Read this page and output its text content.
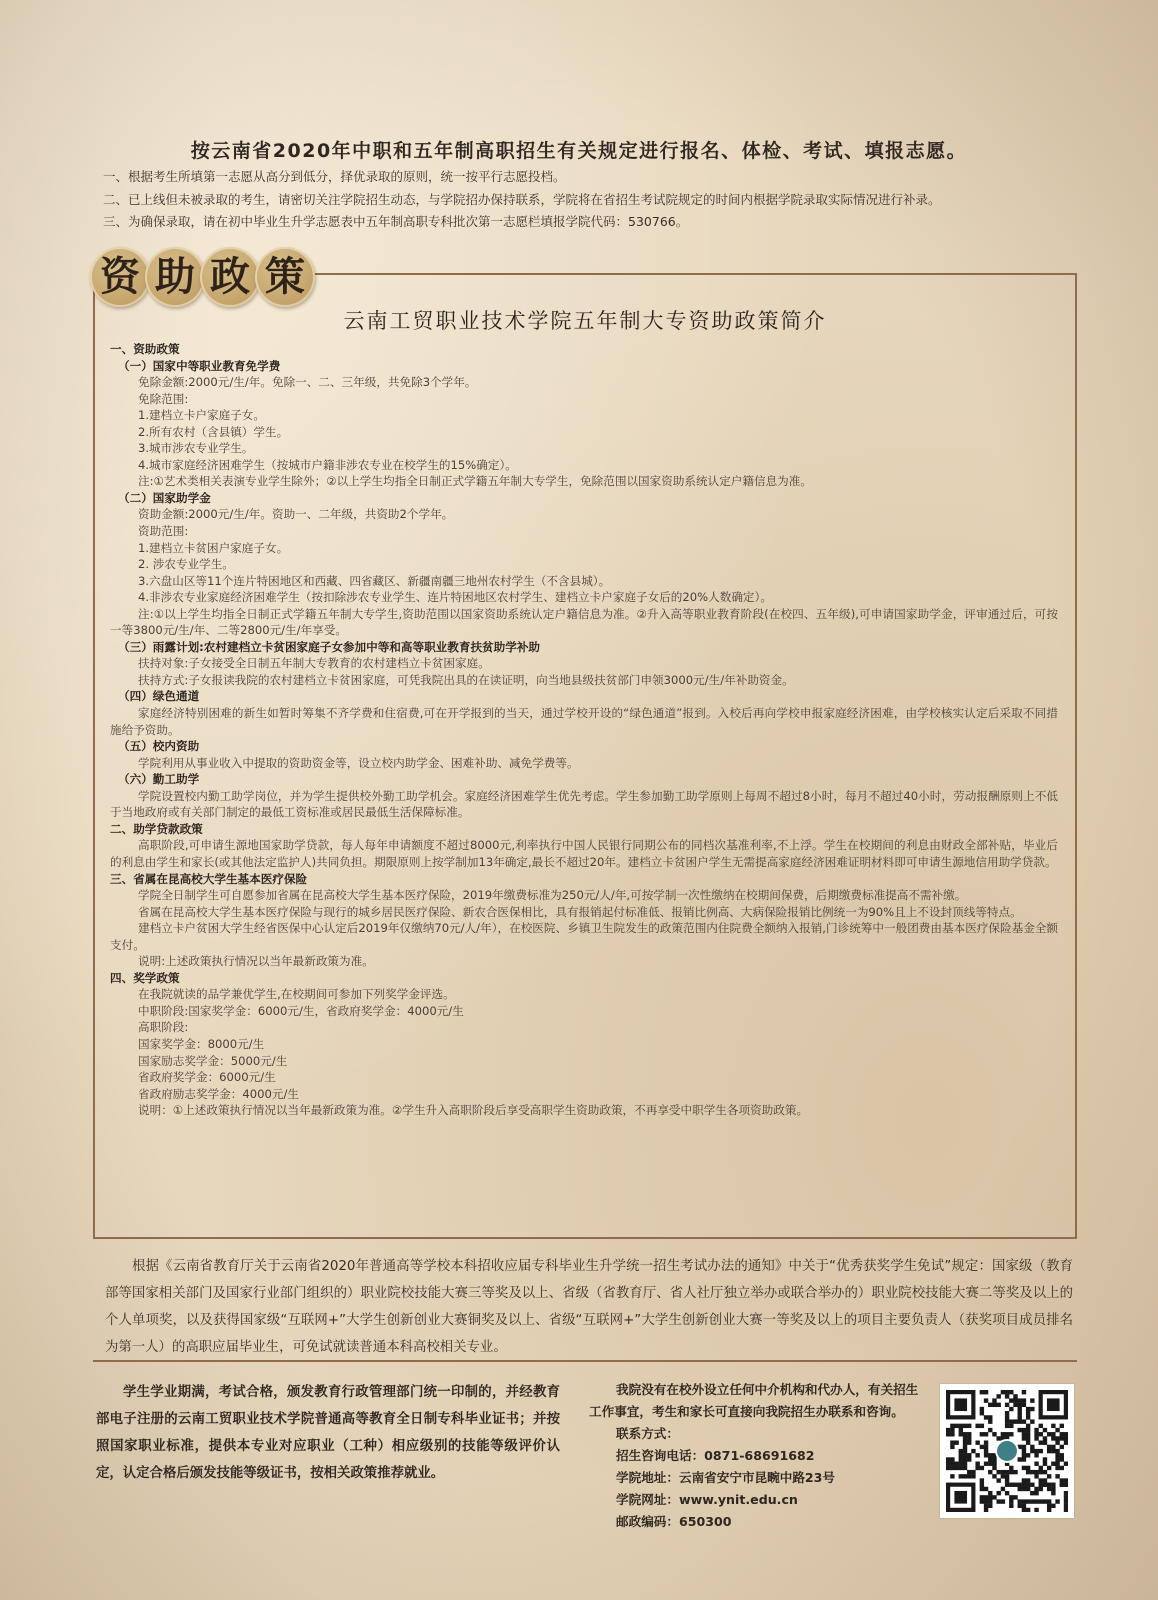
按云南省2020年中职和五年制高职招生有关规定进行报名、体检、考试、填报志愿。

一、根据考生所填第一志愿从高分到低分，择优录取的原则，统一按平行志愿投档。

二、已上线但未被录取的考生，请密切关注学院招生动态，与学院招办保持联系，学院将在省招生考试院规定的时间内根据学院录取实际情况进行补录。

三、为确保录取，请在初中毕业生升学志愿表中五年制高职专科批次第一志愿栏填报学院代码：530766。

资 助 政 策
云南工贸职业技术学院五年制大专资助政策简介

一、资助政策

（一）国家中等职业教育免学费

免除金额:2000元/生/年。免除一、二、三年级，共免除3个学年。

免除范围:

1.建档立卡户家庭子女。

2.所有农村（含县镇）学生。

3.城市涉农专业学生。

4.城市家庭经济困难学生（按城市户籍非涉农专业在校学生的15%确定）。

注:①艺术类相关表演专业学生除外；②以上学生均指全日制正式学籍五年制大专学生，免除范围以国家资助系统认定户籍信息为准。

（二）国家助学金

资助金额:2000元/生/年。资助一、二年级，共资助2个学年。

资助范围:

1.建档立卡贫困户家庭子女。

2. 涉农专业学生。

3.六盘山区等11个连片特困地区和西藏、四省藏区、新疆南疆三地州农村学生（不含县城）。

4.非涉农专业家庭经济困难学生（按扣除涉农专业学生、连片特困地区农村学生、建档立卡户家庭子女后的20%人数确定）。

注:①以上学生均指全日制正式学籍五年制大专学生,资助范围以国家资助系统认定户籍信息为准。②升入高等职业教育阶段(在校四、五年级),可申请国家助学金，评审通过后，可按一等3800元/生/年、二等2800元/生/年享受。

（三）雨露计划:农村建档立卡贫困家庭子女参加中等和高等职业教育扶贫助学补助

扶持对象:子女接受全日制五年制大专教育的农村建档立卡贫困家庭。

扶持方式:子女报读我院的农村建档立卡贫困家庭，可凭我院出具的在读证明，向当地县级扶贫部门申领3000元/生/年补助资金。

（四）绿色通道

家庭经济特别困难的新生如暂时筹集不齐学费和住宿费,可在开学报到的当天，通过学校开设的“绿色通道”报到。入校后再向学校申报家庭经济困难，由学校核实认定后采取不同措施给予资助。

（五）校内资助

学院利用从事业收入中提取的资助资金等，设立校内助学金、困难补助、减免学费等。

（六）勤工助学

学院设置校内勤工助学岗位，并为学生提供校外勤工助学机会。家庭经济困难学生优先考虑。学生参加勤工助学原则上每周不超过8小时，每月不超过40小时，劳动报酬原则上不低于当地政府或有关部门制定的最低工资标准或居民最低生活保障标准。

二、助学贷款政策

高职阶段,可申请生源地国家助学贷款，每人每年申请额度不超过8000元,利率执行中国人民银行同期公布的同档次基准利率,不上浮。学生在校期间的利息由财政全部补贴，毕业后的利息由学生和家长(或其他法定监护人)共同负担。期限原则上按学制加13年确定,最长不超过20年。建档立卡贫困户学生无需提高家庭经济困难证明材料即可申请生源地信用助学贷款。

三、省属在昆高校大学生基本医疗保险

学院全日制学生可自愿参加省属在昆高校大学生基本医疗保险，2019年缴费标准为250元/人/年,可按学制一次性缴纳在校期间保费，后期缴费标准提高不需补缴。

省属在昆高校大学生基本医疗保险与现行的城乡居民医疗保险、新农合医保相比，具有报销起付标准低、报销比例高、大病保险报销比例统一为90%且上不设封顶线等特点。

建档立卡户贫困大学生经省医保中心认定后2019年仅缴纳70元/人/年），在校医院、乡镇卫生院发生的政策范围内住院费全额纳入报销,门诊统筹中一般团费由基本医疗保险基金全额支付。

说明:上述政策执行情况以当年最新政策为准。

四、奖学政策

在我院就读的品学兼优学生,在校期间可参加下列奖学金评选。

中职阶段:国家奖学金：6000元/生，省政府奖学金：4000元/生

高职阶段:

国家奖学金：8000元/生

国家励志奖学金：5000元/生

省政府奖学金：6000元/生

省政府励志奖学金：4000元/生

说明：①上述政策执行情况以当年最新政策为准。②学生升入高职阶段后享受高职学生资助政策，不再享受中职学生各项资助政策。

根据《云南省教育厅关于云南省2020年普通高等学校本科招收应届专科毕业生升学统一招生考试办法的通知》中关于“优秀获奖学生免试”规定：国家级（教育部等国家相关部门及国家行业部门组织的）职业院校技能大赛三等奖及以上、省级（省教育厅、省人社厅独立举办或联合举办的）职业院校技能大赛二等奖及以上的个人单项奖，以及获得国家级“互联网+”大学生创新创业大赛铜奖及以上、省级“互联网+”大学生创新创业大赛一等奖及以上的项目主要负责人（获奖项目成员排名为第一人）的高职应届毕业生，可免试就读普通本科高校相关专业。

学生学业期满，考试合格，颁发教育行政管理部门统一印制的，并经教育部电子注册的云南工贸职业技术学院普通高等教育全日制专科毕业证书；并按照国家职业标准，提供本专业对应职业（工种）相应级别的技能等级评价认定，认定合格后颁发技能等级证书，按相关政策推荐就业。

我院没有在校外设立任何中介机构和代办人，有关招生工作事宜，考生和家长可直接向我院招生办联系和咨询。

联系方式：

招生咨询电话：0871-68691682

学院地址：云南省安宁市昆畹中路23号

学院网址：www.ynit.edu.cn

邮政编码：650300
